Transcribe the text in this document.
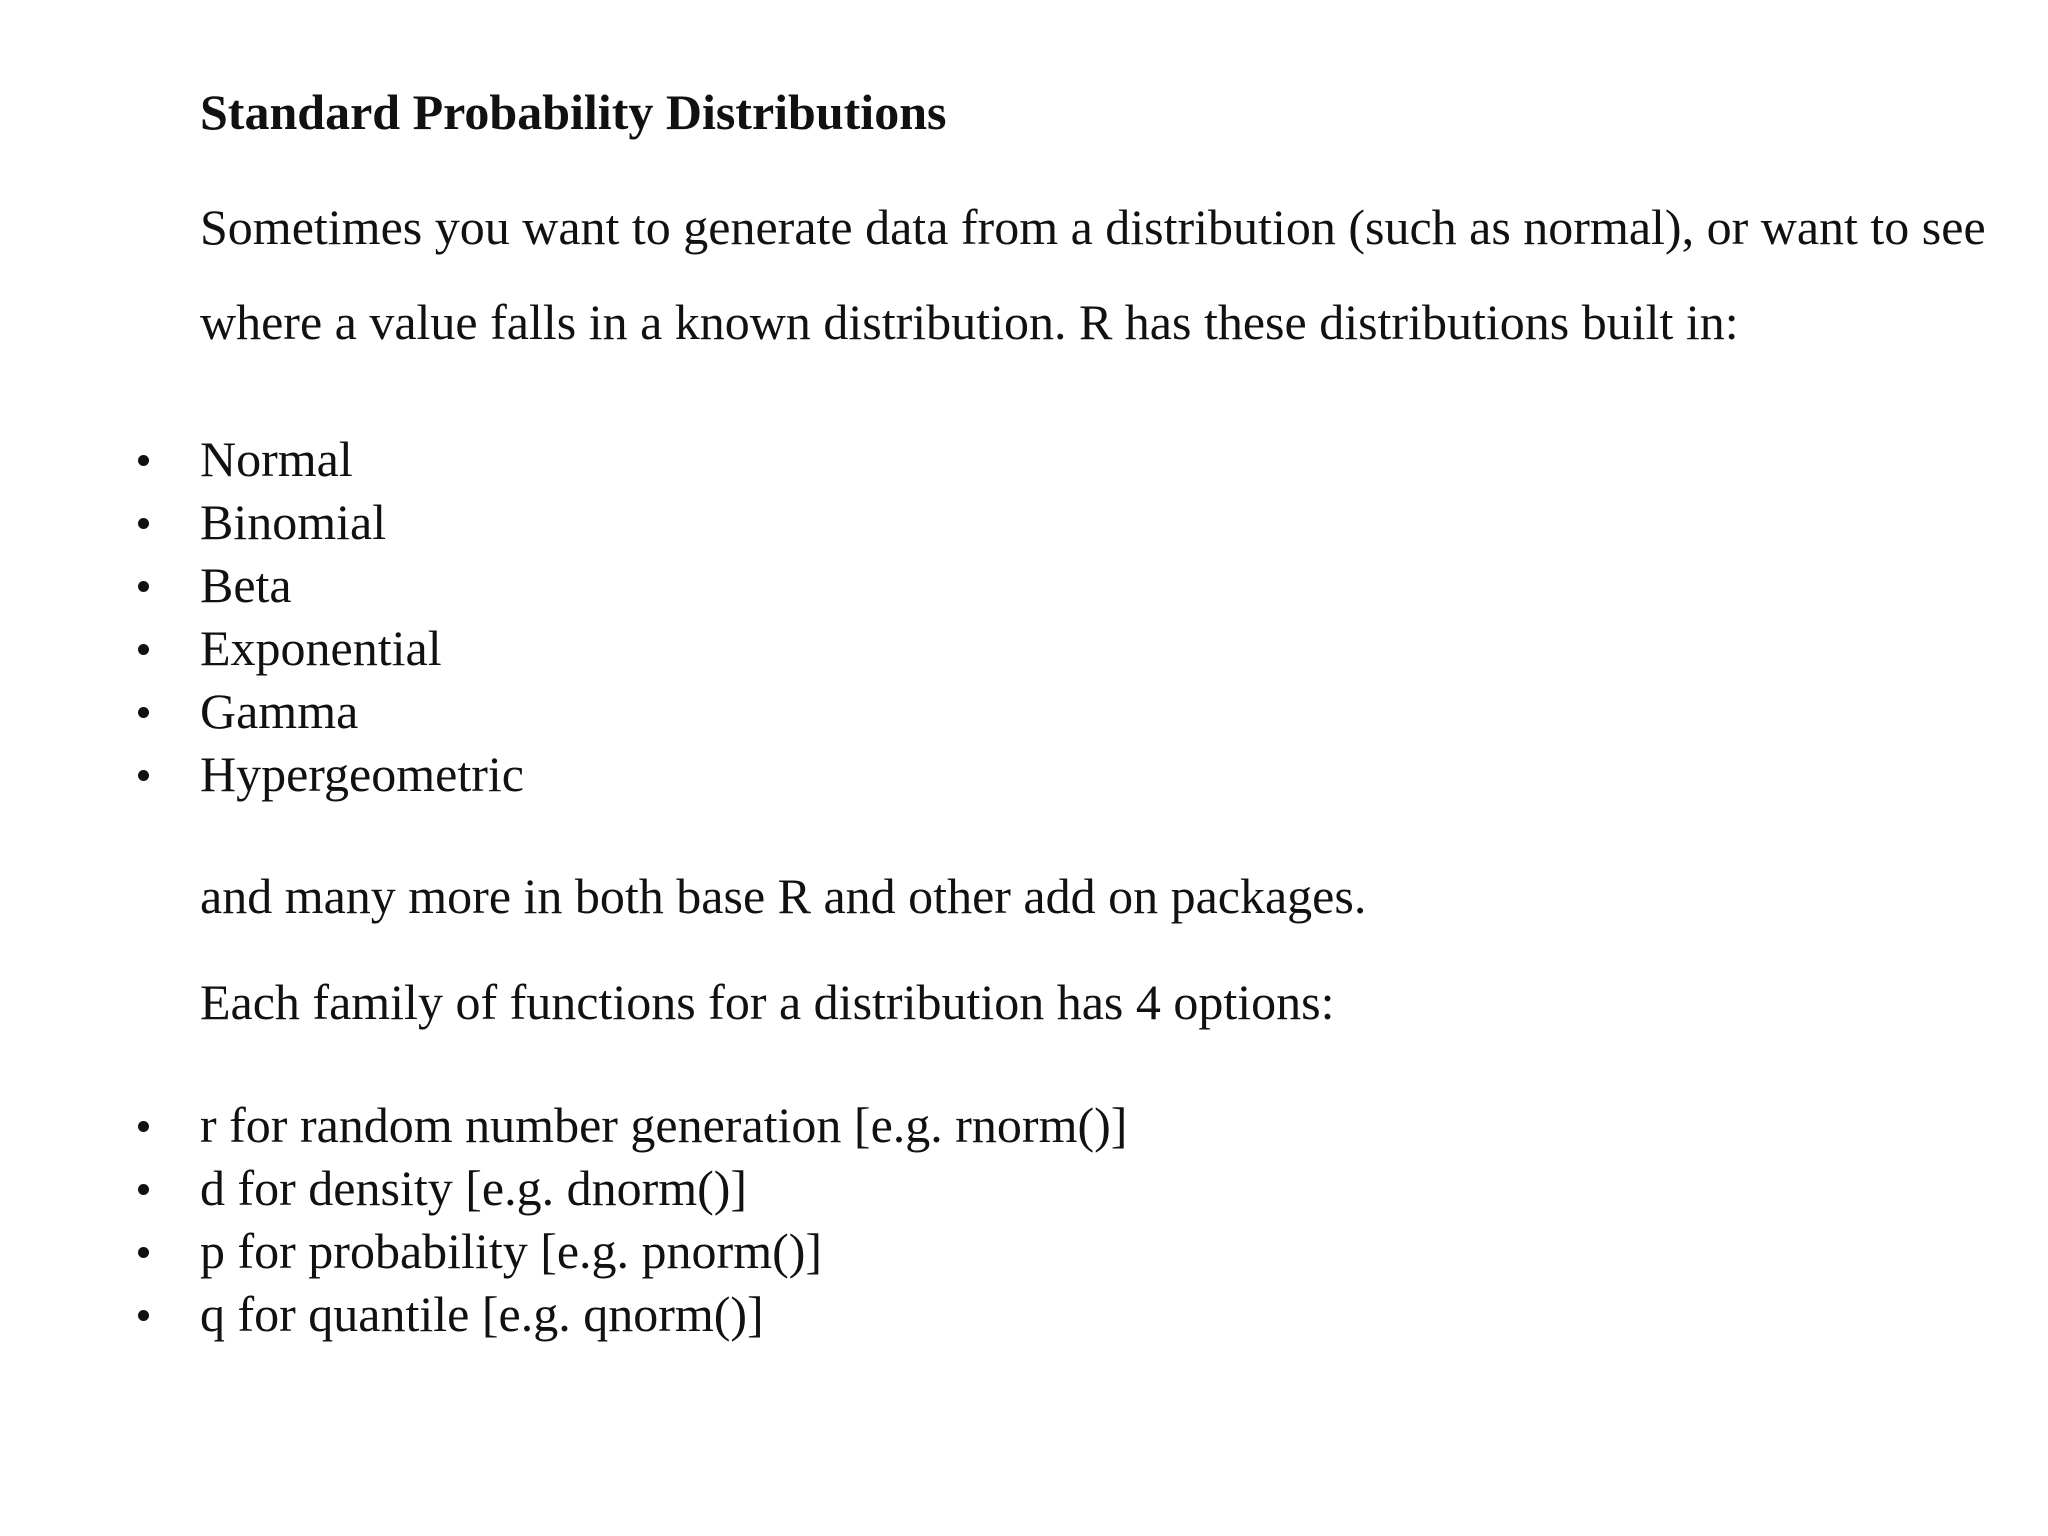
Standard Probability Distributions
Sometimes you want to generate data from a distribution (such as normal), or want to see
where a value falls in a known distribution. R has these distributions built in:
Normal
Binomial
Beta
Exponential
Gamma
Hypergeometric
and many more in both base R and other add on packages.
Each family of functions for a distribution has 4 options:
r for random number generation [e.g. rnorm()]
d for density [e.g. dnorm()]
p for probability [e.g. pnorm()]
q for quantile [e.g. qnorm()]
